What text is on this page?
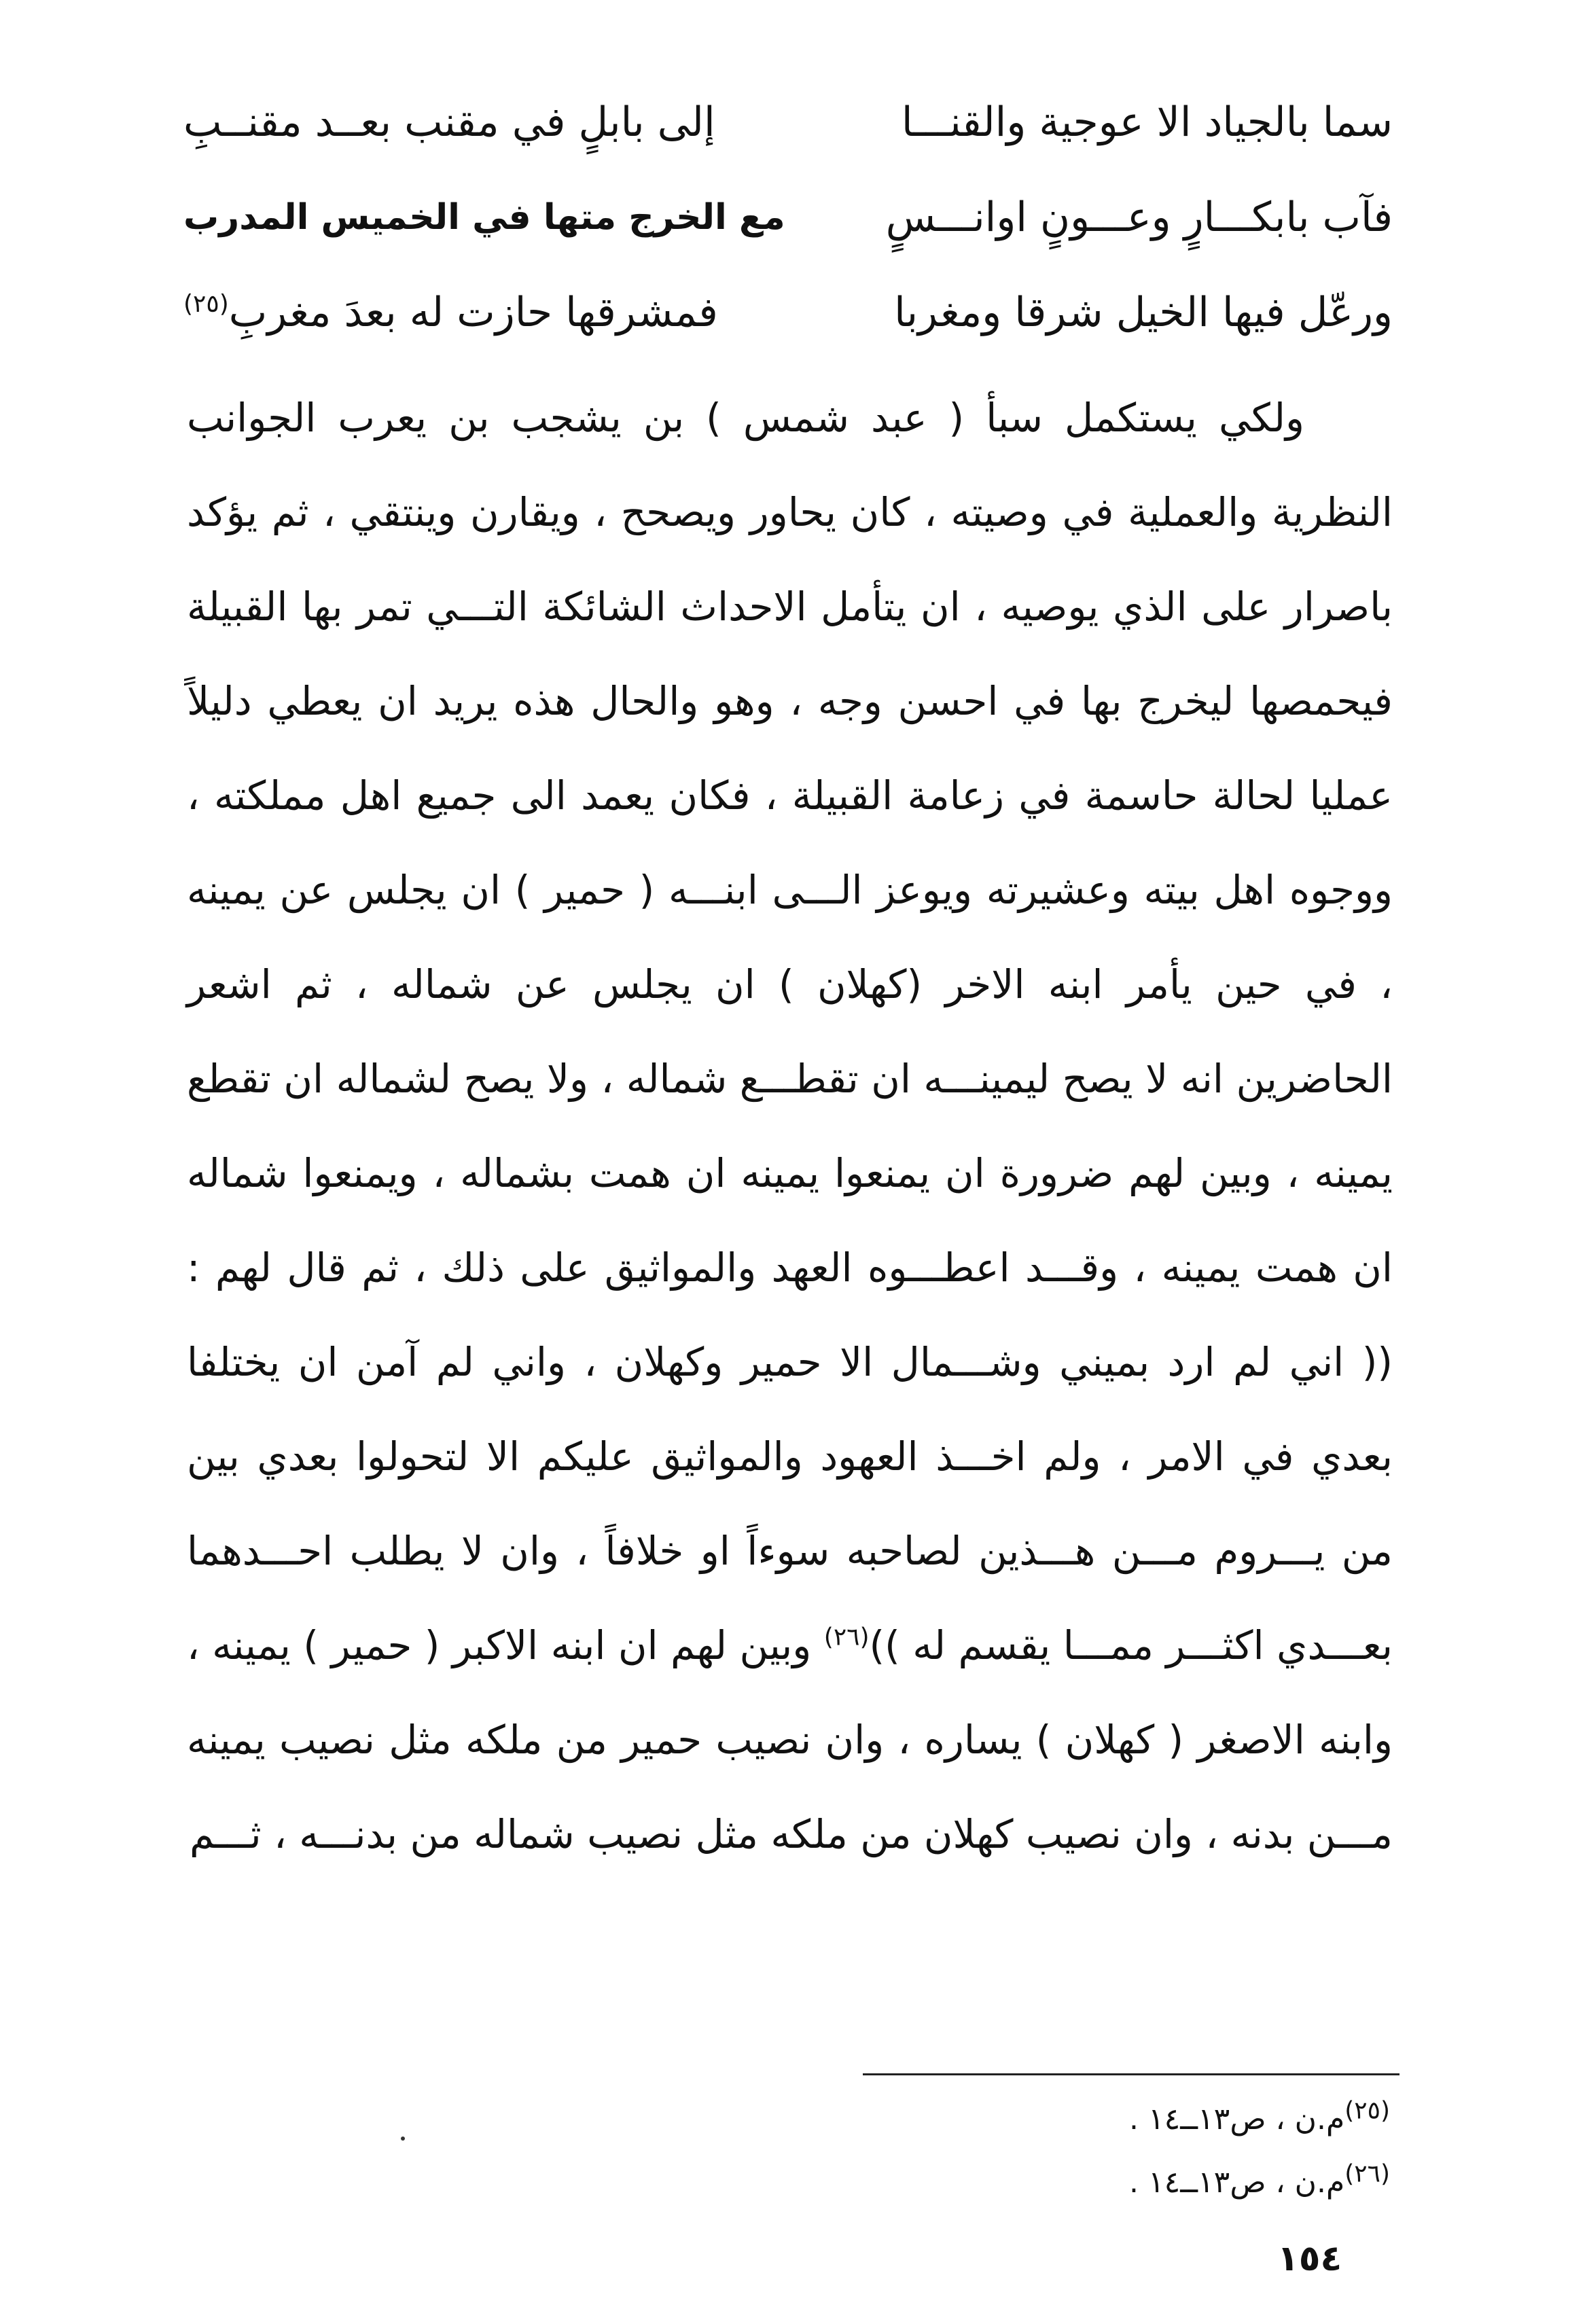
سما بالجياد الا عوجية والقنـــا
إلى بابلٍ في مقنب بعــد مقنــبِ
فآب بابكـــارٍ وعـــونٍ اوانـــسٍ
مع الخرج متها في الخميس المدرب
ورعّل فيها الخيل شرقا ومغربا
فمشرقها حازت له بعدَ مغربِ$^{(٢٥)}$

ولكي يستكمل سبأ ( عبد شمس ) بن يشجب بن يعرب الجوانب النظرية والعملية في وصيته ، كان يحاور ويصحح ، ويقارن وينتقي ، ثم يؤكد باصرار على الذي يوصيه ، ان يتأمل الاحداث الشائكة التـــي تمر بها القبيلة فيحمصها ليخرج بها في احسن وجه ، وهو والحال هذه يريد ان يعطي دليلاً عمليا لحالة حاسمة في زعامة القبيلة ، فكان يعمد الى جميع اهل مملكته ، ووجوه اهل بيته وعشيرته ويوعز الـــى ابنـــه ( حمير ) ان يجلس عن يمينه ، في حين يأمر ابنه الاخر (كهلان ) ان يجلس عن شماله ، ثم اشعر الحاضرين انه لا يصح ليمينـــه ان تقطـــع شماله ، ولا يصح لشماله ان تقطع يمينه ، وبين لهم ضرورة ان يمنعوا يمينه ان همت بشماله ، ويمنعوا شماله ان همت يمينه ، وقـــد اعطـــوه العهد والمواثيق على ذلك ، ثم قال لهم : (( اني لم ارد بميني وشـــمال الا حمير وكهلان ، واني لم آمن ان يختلفا بعدي في الامر ، ولم اخـــذ العهود والمواثيق عليكم الا لتحولوا بعدي بين من يـــروم مـــن هـــذين لصاحبه سوءاً او خلافاً ، وان لا يطلب احـــدهما بعـــدي اكثـــر ممـــا يقسم له ))$^{(٢٦)}$ وبين لهم ان ابنه الاكبر ( حمير ) يمينه ، وابنه الاصغر ( كهلان ) يساره ، وان نصيب حمير من ملكه مثل نصيب يمينه مـــن بدنه ، وان نصيب كهلان من ملكه مثل نصيب شماله من بدنـــه ، ثـــم

$^{(٢٥)}$م.ن ، ص١٣ــ١٤ .
$^{(٢٦)}$م.ن ، ص١٣ــ١٤ .
١٥٤
